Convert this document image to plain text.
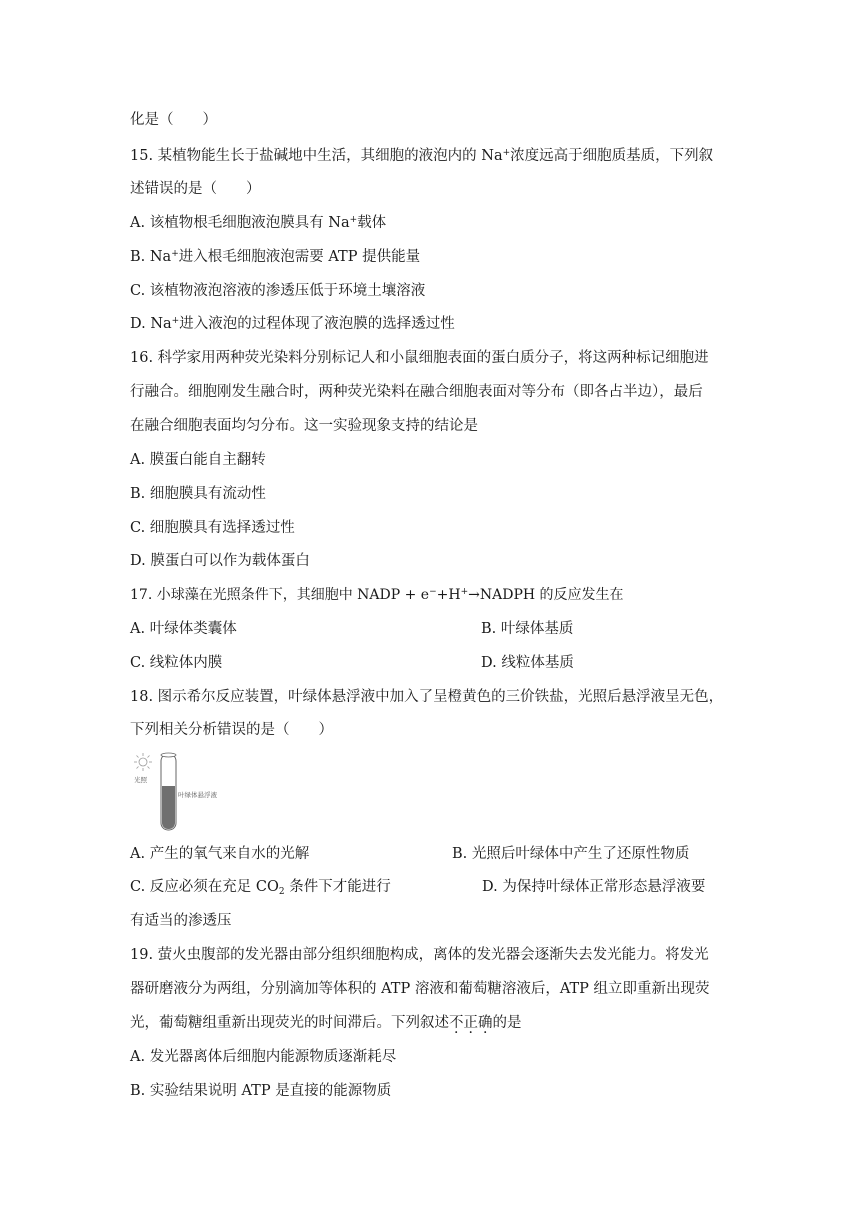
化是（　　）
15. 某植物能生长于盐碱地中生活，其细胞的液泡内的 Na+浓度远高于细胞质基质，下列叙
述错误的是（　　）
A. 该植物根毛细胞液泡膜具有 Na+载体
B. Na+进入根毛细胞液泡需要 ATP 提供能量
C. 该植物液泡溶液的渗透压低于环境土壤溶液
D. Na+进入液泡的过程体现了液泡膜的选择透过性
16. 科学家用两种荧光染料分别标记人和小鼠细胞表面的蛋白质分子，将这两种标记细胞进
行融合。细胞刚发生融合时，两种荧光染料在融合细胞表面对等分布（即各占半边），最后
在融合细胞表面均匀分布。这一实验现象支持的结论是
A. 膜蛋白能自主翻转
B. 细胞膜具有流动性
C. 细胞膜具有选择透过性
D. 膜蛋白可以作为载体蛋白
17. 小球藻在光照条件下，其细胞中 NADP + e−+H+→NADPH 的反应发生在
A. 叶绿体类囊体	B. 叶绿体基质
C. 线粒体内膜	D. 线粒体基质
18. 图示希尔反应装置，叶绿体悬浮液中加入了呈橙黄色的三价铁盐，光照后悬浮液呈无色，
下列相关分析错误的是（　　）
光照
叶绿体悬浮液
A. 产生的氧气来自水的光解	B. 光照后叶绿体中产生了还原性物质
C. 反应必须在充足 $CO_2$ 条件下才能进行	D. 为保持叶绿体正常形态悬浮液要
有适当的渗透压
19. 萤火虫腹部的发光器由部分组织细胞构成，离体的发光器会逐渐失去发光能力。将发光
器研磨液分为两组，分别滴加等体积的 ATP 溶液和葡萄糖溶液后，ATP 组立即重新出现荧
光，葡萄糖组重新出现荧光的时间滞后。下列叙述不正确的是
A. 发光器离体后细胞内能源物质逐渐耗尽
B. 实验结果说明 ATP 是直接的能源物质
